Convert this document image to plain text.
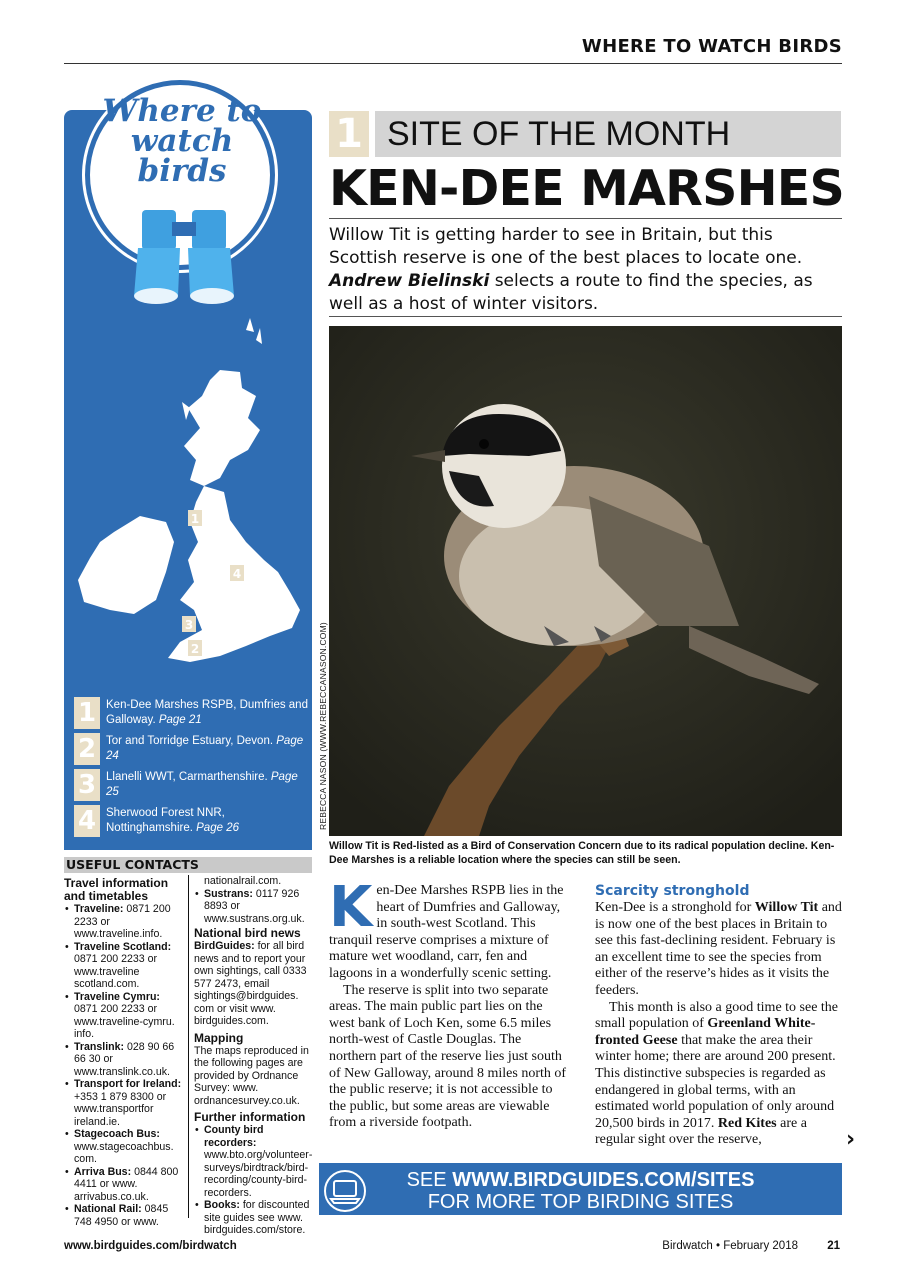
WHERE TO WATCH BIRDS
Where to watch birds
1
4
3
2
1 Ken-Dee Marshes RSPB, Dumfries and Galloway. Page 21
2 Tor and Torridge Estuary, Devon. Page 24
3 Llanelli WWT, Carmarthenshire. Page 25
4 Sherwood Forest NNR, Nottinghamshire. Page 26
USEFUL CONTACTS
Travel information and timetables
• Traveline: 0871 200 2233 or www.traveline.info.
• Traveline Scotland: 0871 200 2233 or www.traveline scotland.com.
• Traveline Cymru: 0871 200 2233 or www.traveline-cymru. info.
• Translink: 028 90 66 66 30 or www.translink.co.uk.
• Transport for Ireland: +353 1 879 8300 or www.transportfor ireland.ie.
• Stagecoach Bus: www.stagecoachbus. com.
• Arriva Bus: 0844 800 4411 or www. arrivabus.co.uk.
• National Rail: 0845 748 4950 or www.
nationalrail.com.
• Sustrans: 0117 926 8893 or www.sustrans.org.uk.
National bird news
BirdGuides: for all bird news and to report your own sightings, call 0333 577 2473, email sightings@birdguides. com or visit www. birdguides.com.
Mapping
The maps reproduced in the following pages are provided by Ordnance Survey: www. ordnancesurvey.co.uk.
Further information
• County bird recorders: www.bto.org/volunteer-surveys/birdtrack/bird-recording/county-bird-recorders.
• Books: for discounted site guides see www. birdguides.com/store.
1 SITE OF THE MONTH
KEN-DEE MARSHES
Willow Tit is getting harder to see in Britain, but this Scottish reserve is one of the best places to locate one. Andrew Bielinski selects a route to find the species, as well as a host of winter visitors.
REBECCA NASON (WWW.REBECCANASON.COM)
Willow Tit is Red-listed as a Bird of Conservation Concern due to its radical population decline. Ken-Dee Marshes is a reliable location where the species can still be seen.

Ken-Dee Marshes RSPB lies in the heart of Dumfries and Galloway, in south-west Scotland. This tranquil reserve comprises a mixture of mature wet woodland, carr, fen and lagoons in a wonderfully scenic setting.

The reserve is split into two separate areas. The main public part lies on the west bank of Loch Ken, some 6.5 miles north-west of Castle Douglas. The northern part of the reserve lies just south of New Galloway, around 8 miles north of the public reserve; it is not accessible to the public, but some areas are viewable from a riverside footpath.

Scarcity stronghold

Ken-Dee is a stronghold for Willow Tit and is now one of the best places in Britain to see this fast-declining resident. February is an excellent time to see the species from either of the reserve’s hides as it visits the feeders.

This month is also a good time to see the small population of Greenland White-fronted Geese that make the area their winter home; there are around 200 present. This distinctive subspecies is regarded as endangered in global terms, with an estimated world population of only around 20,500 birds in 2017. Red Kites are a regular sight over the reserve,	›
SEE WWW.BIRDGUIDES.COM/SITES
FOR MORE TOP BIRDING SITES
www.birdguides.com/birdwatch	Birdwatch • February 2018	21
